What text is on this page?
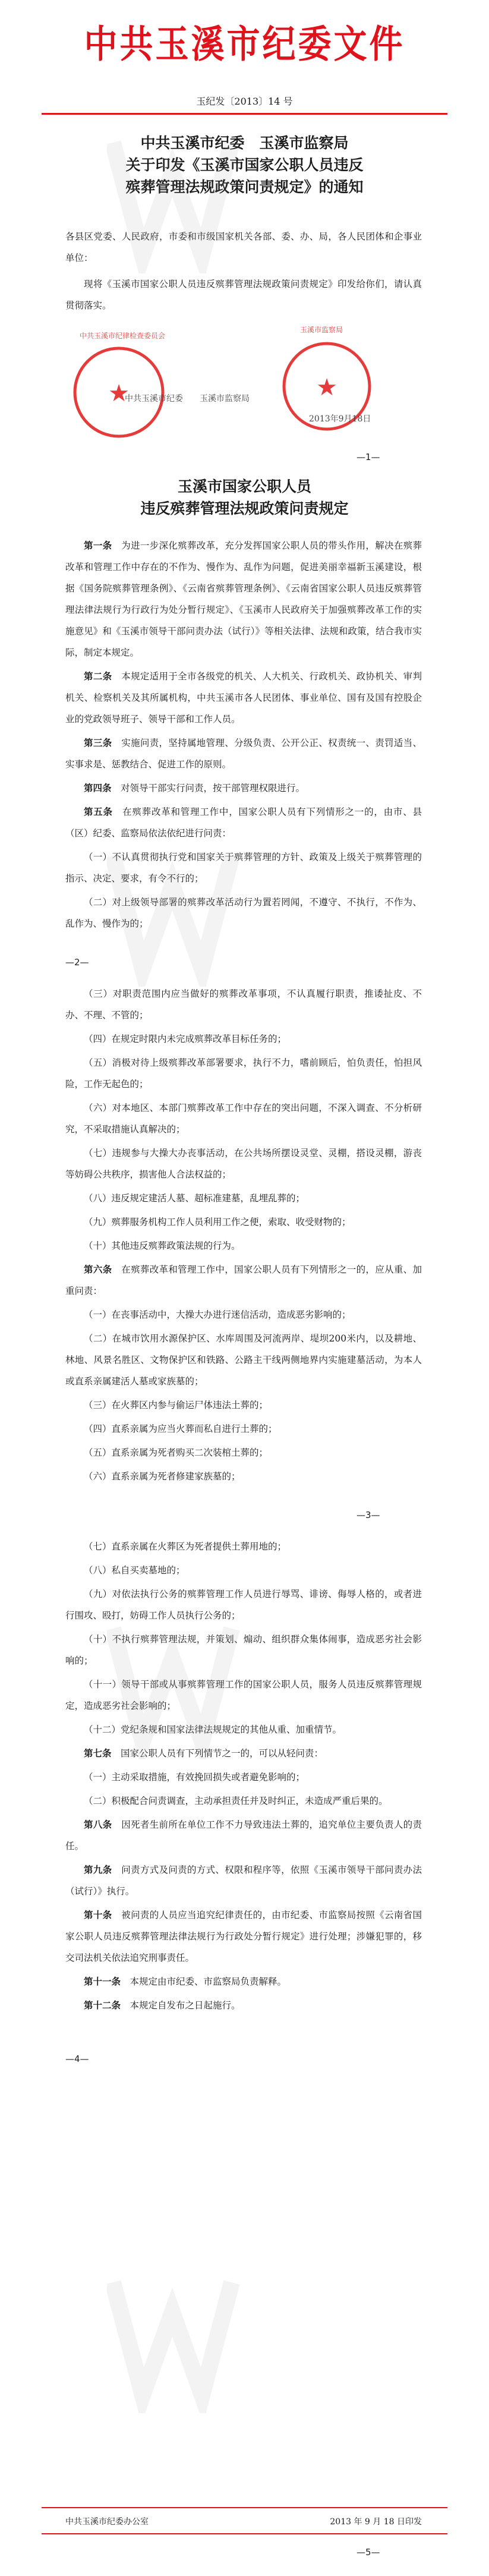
中共玉溪市纪委文件
玉纪发〔2013〕14 号
中共玉溪市纪委　玉溪市监察局
关于印发《玉溪市国家公职人员违反
殡葬管理法规政策问责规定》的通知
各县区党委、人民政府，市委和市级国家机关各部、委、办、局，各人民团体和企事业单位：
现将《玉溪市国家公职人员违反殡葬管理法规政策问责规定》印发给你们，请认真贯彻落实。
★
中共玉溪市纪律检查委员会
★
玉溪市监察局
中共玉溪市纪委　　玉溪市监察局
2013年9月18日
—1—
玉溪市国家公职人员
违反殡葬管理法规政策问责规定
第一条　为进一步深化殡葬改革，充分发挥国家公职人员的带头作用，解决在殡葬改革和管理工作中存在的不作为、慢作为、乱作为问题，促进美丽幸福新玉溪建设，根据《国务院殡葬管理条例》、《云南省殡葬管理条例》、《云南省国家公职人员违反殡葬管理法律法规行为行政行为处分暂行规定》、《玉溪市人民政府关于加强殡葬改革工作的实施意见》和《玉溪市领导干部问责办法（试行）》等相关法律、法规和政策，结合我市实际，制定本规定。
第二条　本规定适用于全市各级党的机关、人大机关、行政机关、政协机关、审判机关、检察机关及其所属机构，中共玉溪市各人民团体、事业单位、国有及国有控股企业的党政领导班子、领导干部和工作人员。
第三条　实施问责，坚持属地管理、分级负责、公开公正、权责统一、责罚适当、实事求是、惩教结合、促进工作的原则。
第四条　对领导干部实行问责，按干部管理权限进行。
第五条　在殡葬改革和管理工作中，国家公职人员有下列情形之一的，由市、县（区）纪委、监察局依法依纪进行问责：
（一）不认真贯彻执行党和国家关于殡葬管理的方针、政策及上级关于殡葬管理的指示、决定、要求，有令不行的；
（二）对上级领导部署的殡葬改革活动行为置若罔闻，不遵守、不执行，不作为、乱作为、慢作为的；
（三）对职责范围内应当做好的殡葬改革事项，不认真履行职责，推诿扯皮、不办、不理、不管的；
（四）在规定时限内未完成殡葬改革目标任务的；
（五）消极对待上级殡葬改革部署要求，执行不力，嗜前顾后，怕负责任，怕担风险，工作无起色的；
（六）对本地区、本部门殡葬改革工作中存在的突出问题，不深入调查、不分析研究，不采取措施认真解决的；
（七）违规参与大操大办丧事活动，在公共场所摆设灵堂、灵棚，搭设灵棚，游丧等妨碍公共秩序，损害他人合法权益的；
（八）违反规定建活人墓、超标准建墓，乱埋乱葬的；
（九）殡葬服务机构工作人员利用工作之便，索取、收受财物的；
（十）其他违反殡葬政策法规的行为。
第六条　在殡葬改革和管理工作中，国家公职人员有下列情形之一的，应从重、加重问责：
（一）在丧事活动中，大操大办进行迷信活动，造成恶劣影响的；
（二）在城市饮用水源保护区、水库周围及河流两岸、堤坝200米内，以及耕地、林地、风景名胜区、文物保护区和铁路、公路主干线两侧地界内实施建墓活动，为本人或直系亲属建活人墓或家族墓的；
（三）在火葬区内参与偷运尸体违法土葬的；
（四）直系亲属为应当火葬而私自进行土葬的；
（五）直系亲属为死者购买二次装棺土葬的；
（六）直系亲属为死者修建家族墓的；
（七）直系亲属在火葬区为死者提供土葬用地的；
（八）私自买卖墓地的；
（九）对依法执行公务的殡葬管理工作人员进行辱骂、诽谤、侮辱人格的，或者进行围攻、殴打，妨碍工作人员执行公务的；
（十）不执行殡葬管理法规，并策划、煽动、组织群众集体闹事，造成恶劣社会影响的；
（十一）领导干部或从事殡葬管理工作的国家公职人员，服务人员违反殡葬管理规定，造成恶劣社会影响的；
（十二）党纪条规和国家法律法规规定的其他从重、加重情节。
第七条　国家公职人员有下列情节之一的，可以从轻问责：
（一）主动采取措施，有效挽回损失或者避免影响的；
（二）积极配合问责调查，主动承担责任并及时纠正，未造成严重后果的。
第八条　因死者生前所在单位工作不力导致违法土葬的，追究单位主要负责人的责任。
第九条　问责方式及问责的方式、权限和程序等，依照《玉溪市领导干部问责办法（试行）》执行。
第十条　被问责的人员应当追究纪律责任的，由市纪委、市监察局按照《云南省国家公职人员违反殡葬管理法律法规行为行政处分暂行规定》进行处理；涉嫌犯罪的，移交司法机关依法追究刑事责任。
第十一条　本规定由市纪委、市监察局负责解释。
第十二条　本规定自发布之日起施行。
中共玉溪市纪委办公室	2013 年 9 月 18 日印发
—5—
—2—
—3—
—4—
